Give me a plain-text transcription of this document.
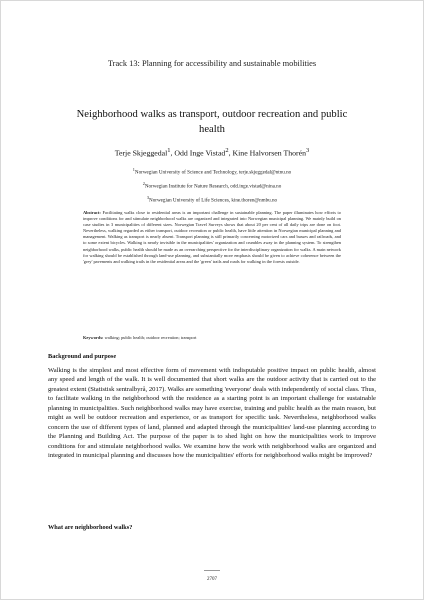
Track 13: Planning for accessibility and sustainable mobilities
Neighborhood walks as transport, outdoor recreation and public health
Terje Skjeggedal$^1$, Odd Inge Vistad$^2$, Kine Halvorsen Thorén$^3$
$^1$Norwegian University of Science and Technology, terje.skjeggedal@ntnu.no
$^2$Norwegian Institute for Nature Research, odd.inge.vistad@nina.no
$^3$Norwegian University of Life Sciences, kine.thoren@nmbu.no
Abstract: Facilitating walks close to residential areas is an important challenge in sustainable planning. The paper illuminates how efforts to improve conditions for and stimulate neighborhood walks are organized and integrated into Norwegian municipal planning. We mainly build on case studies in 3 municipalities of different sizes. Norwegian Travel Surveys shows that about 20 per cent of all daily trips are done on foot. Nevertheless, walking regarded as either transport, outdoor recreation or public health, have little attention in Norwegian municipal planning and management. Walking as transport is nearly absent. Transport planning is still primarily concerning motorized cars and busses and railroads, and to some extent bicycles. Walking is nearly invisible in the municipalities' organization and crumbles away in the planning system. To strengthen neighborhood walks, public health should be made as an overarching perspective for the interdisciplinary organization for walks. A main network for walking should be established through land-use planning, and substantially more emphasis should be given to achieve coherence between the 'grey' pavements and walking trails in the residential areas and the 'green' trails and roads for walking in the forests outside.
Keywords: walking; public health; outdoor recreation; transport
Background and purpose
Walking is the simplest and most effective form of movement with indisputable positive impact on public health, almost any speed and length of the walk. It is well documented that short walks are the outdoor activity that is carried out to the greatest extent (Statistisk sentralbyrå, 2017). Walks are something 'everyone' deals with independently of social class. Thus, to facilitate walking in the neighborhood with the residence as a starting point is an important challenge for sustainable planning in municipalities. Such neighborhood walks may have exercise, training and public health as the main reason, but might as well be outdoor recreation and experience, or as transport for specific task. Nevertheless, neighborhood walks concern the use of different types of land, planned and adapted through the municipalities' land-use planning according to the Planning and Building Act. The purpose of the paper is to shed light on how the municipalities work to improve conditions for and stimulate neighborhood walks. We examine how the work with neighborhood walks are organized and integrated in municipal planning and discusses how the municipalities' efforts for neighborhood walks might be improved?
What are neighborhood walks?
2707
